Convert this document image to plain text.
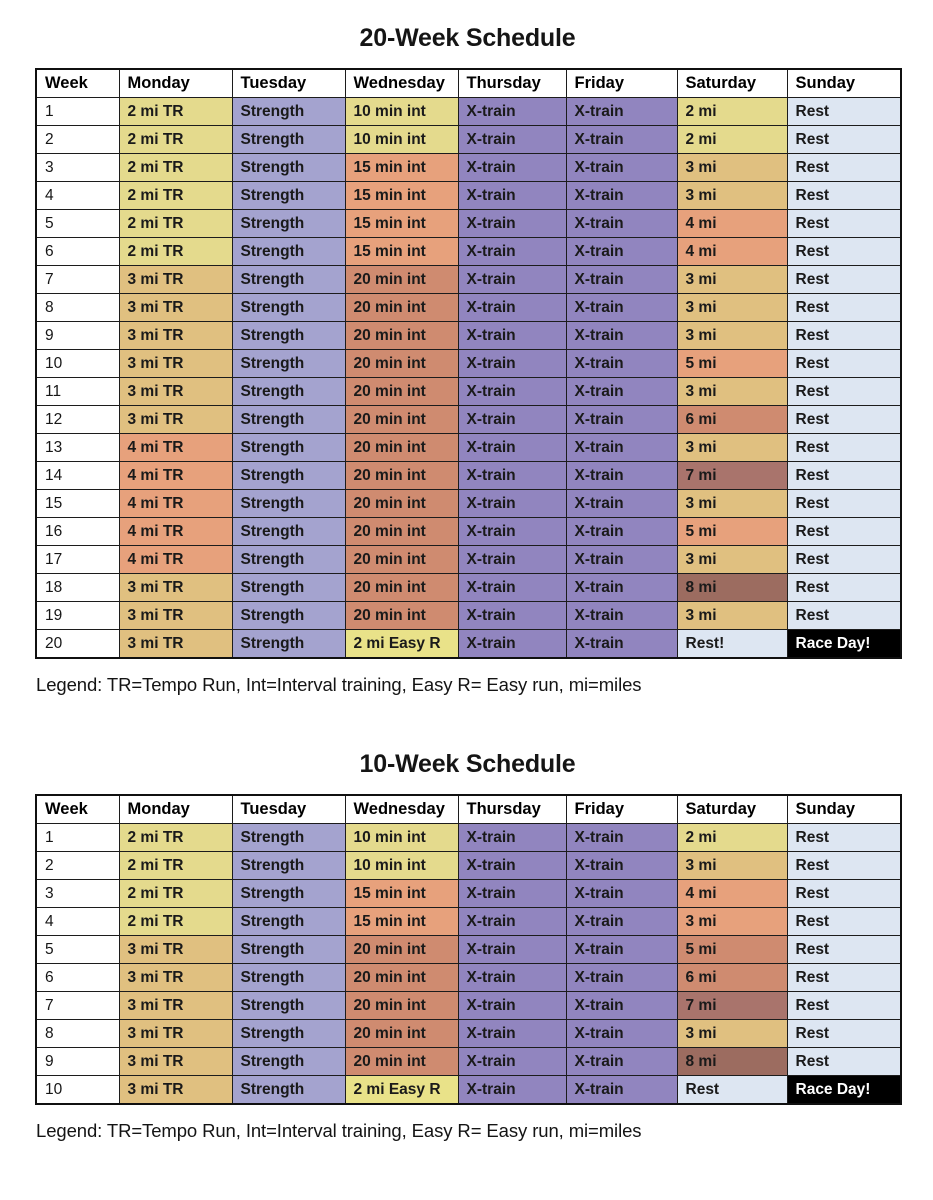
20-Week Schedule
Week	Monday	Tuesday	Wednesday	Thursday	Friday	Saturday	Sunday
1	2 mi TR	Strength	10 min int	X-train	X-train	2 mi	Rest
2	2 mi TR	Strength	10 min int	X-train	X-train	2 mi	Rest
3	2 mi TR	Strength	15 min int	X-train	X-train	3 mi	Rest
4	2 mi TR	Strength	15 min int	X-train	X-train	3 mi	Rest
5	2 mi TR	Strength	15 min int	X-train	X-train	4 mi	Rest
6	2 mi TR	Strength	15 min int	X-train	X-train	4 mi	Rest
7	3 mi TR	Strength	20 min int	X-train	X-train	3 mi	Rest
8	3 mi TR	Strength	20 min int	X-train	X-train	3 mi	Rest
9	3 mi TR	Strength	20 min int	X-train	X-train	3 mi	Rest
10	3 mi TR	Strength	20 min int	X-train	X-train	5 mi	Rest
11	3 mi TR	Strength	20 min int	X-train	X-train	3 mi	Rest
12	3 mi TR	Strength	20 min int	X-train	X-train	6 mi	Rest
13	4 mi TR	Strength	20 min int	X-train	X-train	3 mi	Rest
14	4 mi TR	Strength	20 min int	X-train	X-train	7 mi	Rest
15	4 mi TR	Strength	20 min int	X-train	X-train	3 mi	Rest
16	4 mi TR	Strength	20 min int	X-train	X-train	5 mi	Rest
17	4 mi TR	Strength	20 min int	X-train	X-train	3 mi	Rest
18	3 mi TR	Strength	20 min int	X-train	X-train	8 mi	Rest
19	3 mi TR	Strength	20 min int	X-train	X-train	3 mi	Rest
20	3 mi TR	Strength	2 mi Easy R	X-train	X-train	Rest!	Race Day!

Legend: TR=Tempo Run, Int=Interval training, Easy R= Easy run, mi=miles

10-Week Schedule
Week	Monday	Tuesday	Wednesday	Thursday	Friday	Saturday	Sunday
1	2 mi TR	Strength	10 min int	X-train	X-train	2 mi	Rest
2	2 mi TR	Strength	10 min int	X-train	X-train	3 mi	Rest
3	2 mi TR	Strength	15 min int	X-train	X-train	4 mi	Rest
4	2 mi TR	Strength	15 min int	X-train	X-train	3 mi	Rest
5	3 mi TR	Strength	20 min int	X-train	X-train	5 mi	Rest
6	3 mi TR	Strength	20 min int	X-train	X-train	6 mi	Rest
7	3 mi TR	Strength	20 min int	X-train	X-train	7 mi	Rest
8	3 mi TR	Strength	20 min int	X-train	X-train	3 mi	Rest
9	3 mi TR	Strength	20 min int	X-train	X-train	8 mi	Rest
10	3 mi TR	Strength	2 mi Easy R	X-train	X-train	Rest	Race Day!

Legend: TR=Tempo Run, Int=Interval training, Easy R= Easy run, mi=miles
